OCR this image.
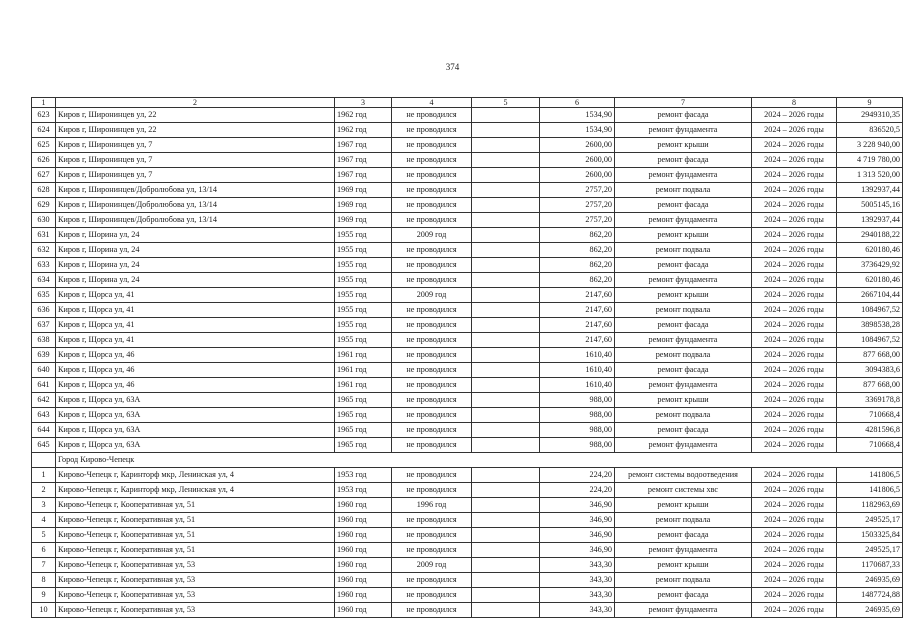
374
1	2	3	4	5	6	7	8	9
623	Киров г, Широнинцев ул, 22	1962 год	не проводился		1534,90	ремонт фасада	2024 – 2026 годы	2949310,35
624	Киров г, Широнинцев ул, 22	1962 год	не проводился		1534,90	ремонт фундамента	2024 – 2026 годы	836520,5
625	Киров г, Широнинцев ул, 7	1967 год	не проводился		2600,00	ремонт крыши	2024 – 2026 годы	3 228 940,00
626	Киров г, Широнинцев ул, 7	1967 год	не проводился		2600,00	ремонт фасада	2024 – 2026 годы	4 719 780,00
627	Киров г, Широнинцев ул, 7	1967 год	не проводился		2600,00	ремонт фундамента	2024 – 2026 годы	1 313 520,00
628	Киров г, Широнинцев/Добролюбова ул, 13/14	1969 год	не проводился		2757,20	ремонт подвала	2024 – 2026 годы	1392937,44
629	Киров г, Широнинцев/Добролюбова ул, 13/14	1969 год	не проводился		2757,20	ремонт фасада	2024 – 2026 годы	5005145,16
630	Киров г, Широнинцев/Добролюбова ул, 13/14	1969 год	не проводился		2757,20	ремонт фундамента	2024 – 2026 годы	1392937,44
631	Киров г, Шорина ул, 24	1955 год	2009 год		862,20	ремонт крыши	2024 – 2026 годы	2940188,22
632	Киров г, Шорина ул, 24	1955 год	не проводился		862,20	ремонт подвала	2024 – 2026 годы	620180,46
633	Киров г, Шорина ул, 24	1955 год	не проводился		862,20	ремонт фасада	2024 – 2026 годы	3736429,92
634	Киров г, Шорина ул, 24	1955 год	не проводился		862,20	ремонт фундамента	2024 – 2026 годы	620180,46
635	Киров г, Щорса ул, 41	1955 год	2009 год		2147,60	ремонт крыши	2024 – 2026 годы	2667104,44
636	Киров г, Щорса ул, 41	1955 год	не проводился		2147,60	ремонт подвала	2024 – 2026 годы	1084967,52
637	Киров г, Щорса ул, 41	1955 год	не проводился		2147,60	ремонт фасада	2024 – 2026 годы	3898538,28
638	Киров г, Щорса ул, 41	1955 год	не проводился		2147,60	ремонт фундамента	2024 – 2026 годы	1084967,52
639	Киров г, Щорса ул, 46	1961 год	не проводился		1610,40	ремонт подвала	2024 – 2026 годы	877 668,00
640	Киров г, Щорса ул, 46	1961 год	не проводился		1610,40	ремонт фасада	2024 – 2026 годы	3094383,6
641	Киров г, Щорса ул, 46	1961 год	не проводился		1610,40	ремонт фундамента	2024 – 2026 годы	877 668,00
642	Киров г, Щорса ул, 63А	1965 год	не проводился		988,00	ремонт крыши	2024 – 2026 годы	3369178,8
643	Киров г, Щорса ул, 63А	1965 год	не проводился		988,00	ремонт подвала	2024 – 2026 годы	710668,4
644	Киров г, Щорса ул, 63А	1965 год	не проводился		988,00	ремонт фасада	2024 – 2026 годы	4281596,8
645	Киров г, Щорса ул, 63А	1965 год	не проводился		988,00	ремонт фундамента	2024 – 2026 годы	710668,4
	Город Кирово-Чепецк							
1	Кирово-Чепецк г, Каринторф мкр, Ленинская ул, 4	1953 год	не проводился		224,20	ремонт системы водоотведения	2024 – 2026 годы	141806,5
2	Кирово-Чепецк г, Каринторф мкр, Ленинская ул, 4	1953 год	не проводился		224,20	ремонт системы хвс	2024 – 2026 годы	141806,5
3	Кирово-Чепецк г, Кооперативная ул, 51	1960 год	1996 год		346,90	ремонт крыши	2024 – 2026 годы	1182963,69
4	Кирово-Чепецк г, Кооперативная ул, 51	1960 год	не проводился		346,90	ремонт подвала	2024 – 2026 годы	249525,17
5	Кирово-Чепецк г, Кооперативная ул, 51	1960 год	не проводился		346,90	ремонт фасада	2024 – 2026 годы	1503325,84
6	Кирово-Чепецк г, Кооперативная ул, 51	1960 год	не проводился		346,90	ремонт фундамента	2024 – 2026 годы	249525,17
7	Кирово-Чепецк г, Кооперативная ул, 53	1960 год	2009 год		343,30	ремонт крыши	2024 – 2026 годы	1170687,33
8	Кирово-Чепецк г, Кооперативная ул, 53	1960 год	не проводился		343,30	ремонт подвала	2024 – 2026 годы	246935,69
9	Кирово-Чепецк г, Кооперативная ул, 53	1960 год	не проводился		343,30	ремонт фасада	2024 – 2026 годы	1487724,88
10	Кирово-Чепецк г, Кооперативная ул, 53	1960 год	не проводился		343,30	ремонт фундамента	2024 – 2026 годы	246935,69
